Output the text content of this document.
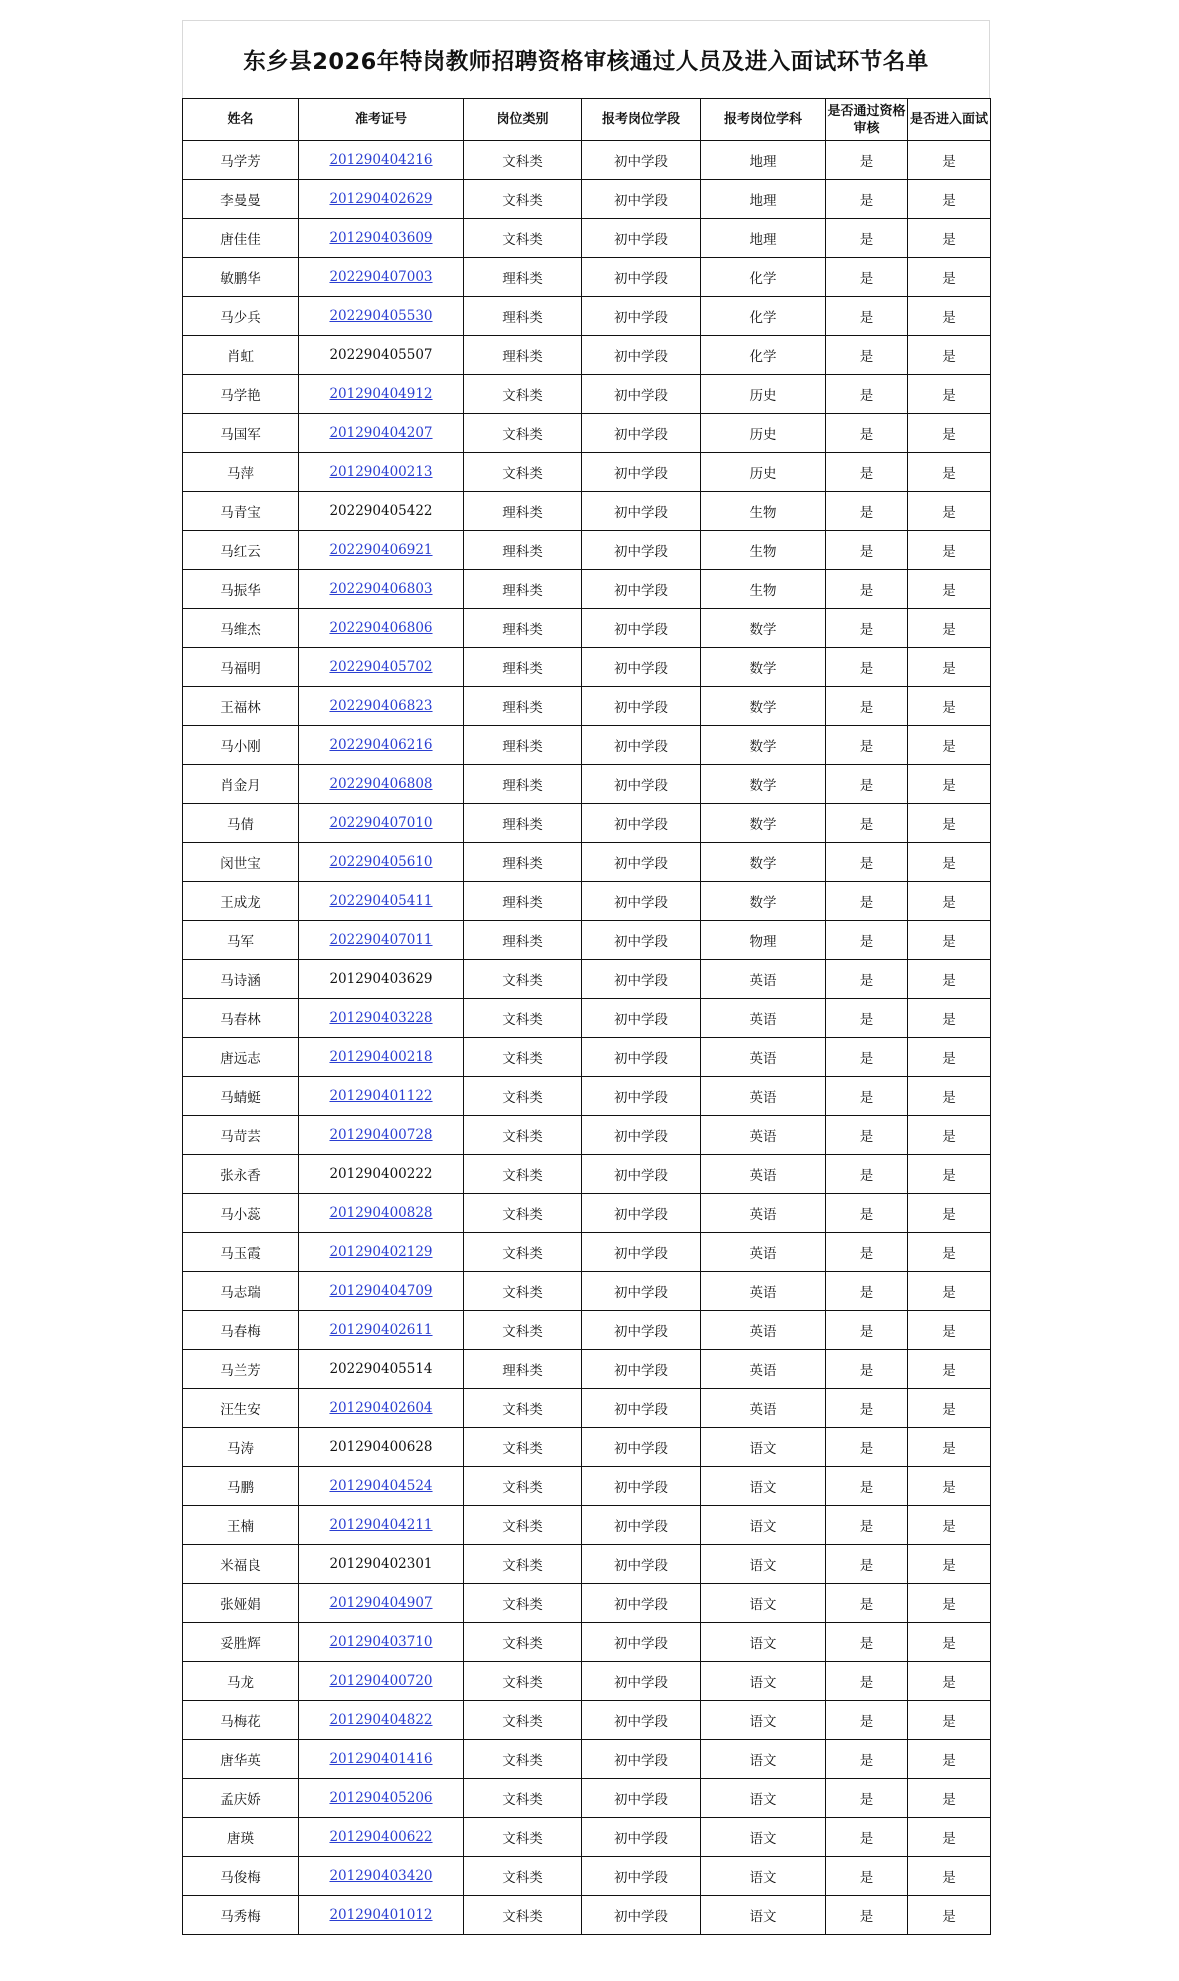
东乡县2026年特岗教师招聘资格审核通过人员及进入面试环节名单
姓名	准考证号	岗位类别	报考岗位学段	报考岗位学科	是否通过资格审核	是否进入面试
马学芳	201290404216	文科类	初中学段	地理	是	是
李曼曼	201290402629	文科类	初中学段	地理	是	是
唐佳佳	201290403609	文科类	初中学段	地理	是	是
敏鹏华	202290407003	理科类	初中学段	化学	是	是
马少兵	202290405530	理科类	初中学段	化学	是	是
肖虹	202290405507	理科类	初中学段	化学	是	是
马学艳	201290404912	文科类	初中学段	历史	是	是
马国军	201290404207	文科类	初中学段	历史	是	是
马萍	201290400213	文科类	初中学段	历史	是	是
马青宝	202290405422	理科类	初中学段	生物	是	是
马红云	202290406921	理科类	初中学段	生物	是	是
马振华	202290406803	理科类	初中学段	生物	是	是
马维杰	202290406806	理科类	初中学段	数学	是	是
马福明	202290405702	理科类	初中学段	数学	是	是
王福林	202290406823	理科类	初中学段	数学	是	是
马小刚	202290406216	理科类	初中学段	数学	是	是
肖金月	202290406808	理科类	初中学段	数学	是	是
马倩	202290407010	理科类	初中学段	数学	是	是
闵世宝	202290405610	理科类	初中学段	数学	是	是
王成龙	202290405411	理科类	初中学段	数学	是	是
马军	202290407011	理科类	初中学段	物理	是	是
马诗涵	201290403629	文科类	初中学段	英语	是	是
马春林	201290403228	文科类	初中学段	英语	是	是
唐远志	201290400218	文科类	初中学段	英语	是	是
马蜻蜓	201290401122	文科类	初中学段	英语	是	是
马苛芸	201290400728	文科类	初中学段	英语	是	是
张永香	201290400222	文科类	初中学段	英语	是	是
马小蕊	201290400828	文科类	初中学段	英语	是	是
马玉霞	201290402129	文科类	初中学段	英语	是	是
马志瑞	201290404709	文科类	初中学段	英语	是	是
马春梅	201290402611	文科类	初中学段	英语	是	是
马兰芳	202290405514	理科类	初中学段	英语	是	是
汪生安	201290402604	文科类	初中学段	英语	是	是
马涛	201290400628	文科类	初中学段	语文	是	是
马鹏	201290404524	文科类	初中学段	语文	是	是
王楠	201290404211	文科类	初中学段	语文	是	是
米福良	201290402301	文科类	初中学段	语文	是	是
张娅娟	201290404907	文科类	初中学段	语文	是	是
妥胜辉	201290403710	文科类	初中学段	语文	是	是
马龙	201290400720	文科类	初中学段	语文	是	是
马梅花	201290404822	文科类	初中学段	语文	是	是
唐华英	201290401416	文科类	初中学段	语文	是	是
孟庆娇	201290405206	文科类	初中学段	语文	是	是
唐瑛	201290400622	文科类	初中学段	语文	是	是
马俊梅	201290403420	文科类	初中学段	语文	是	是
马秀梅	201290401012	文科类	初中学段	语文	是	是
